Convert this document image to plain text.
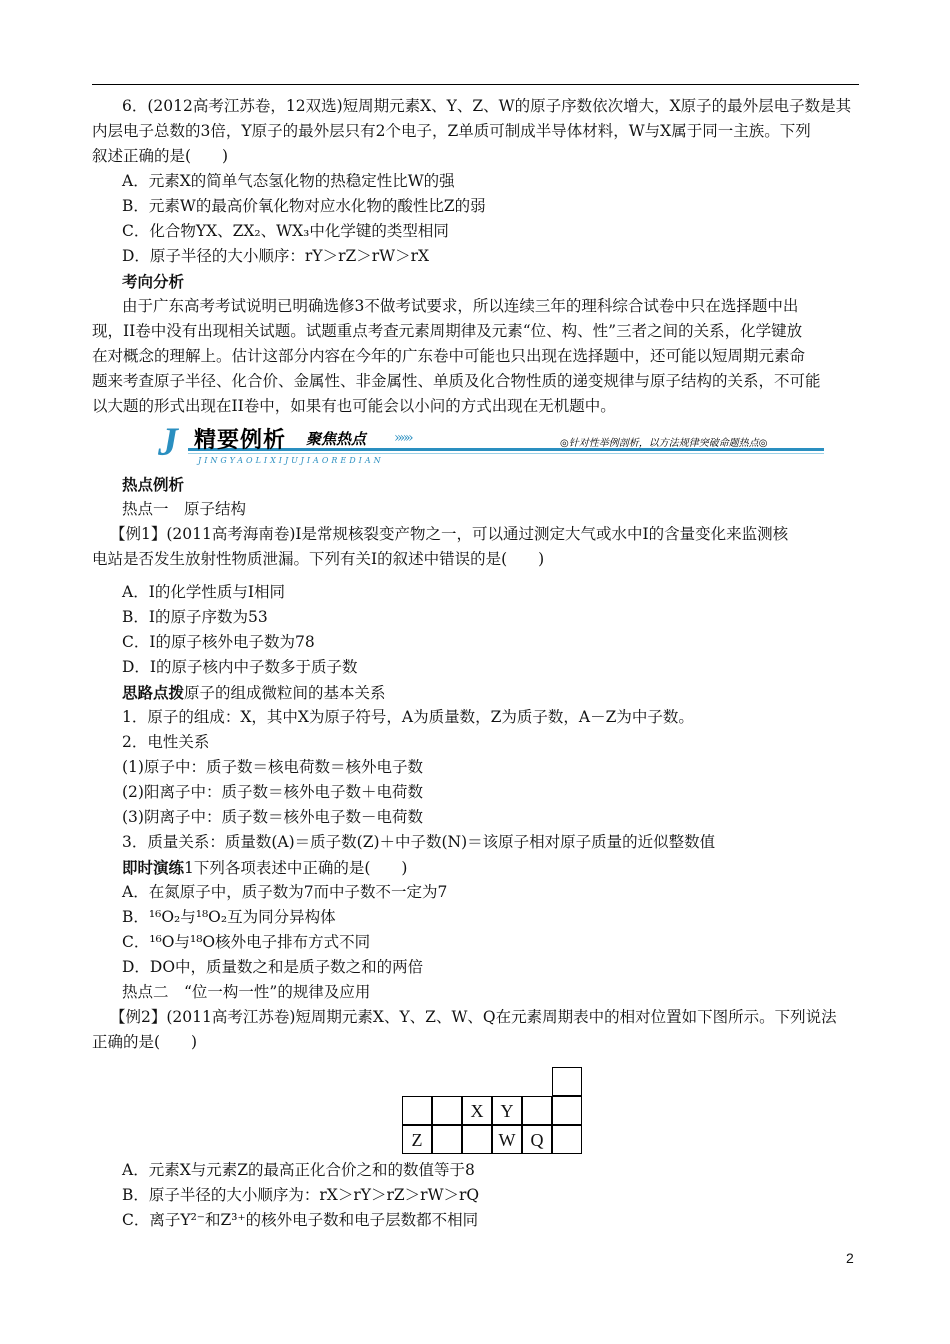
6．(2012高考江苏卷，12双选)短周期元素X、Y、Z、W的原子序数依次增大，X原子的最外层电子数是其
内层电子总数的3倍，Y原子的最外层只有2个电子，Z单质可制成半导体材料，W与X属于同一主族。下列
叙述正确的是(　　)
A．元素X的简单气态氢化物的热稳定性比W的强
B．元素W的最高价氧化物对应水化物的酸性比Z的弱
C．化合物YX、ZX₂、WX₃中化学键的类型相同
D．原子半径的大小顺序：rY＞rZ＞rW＞rX
考向分析
由于广东高考考试说明已明确选修3不做考试要求，所以连续三年的理科综合试卷中只在选择题中出
现，II卷中没有出现相关试题。试题重点考查元素周期律及元素“位、构、性”三者之间的关系，化学键放
在对概念的理解上。估计这部分内容在今年的广东卷中可能也只出现在选择题中，还可能以短周期元素命
题来考查原子半径、化合价、金属性、非金属性、单质及化合物性质的递变规律与原子结构的关系，不可能
以大题的形式出现在II卷中，如果有也可能会以小问的方式出现在无机题中。
J 精要例析 聚焦热点 »»»
JINGYAOLIXIJUJIAOREDIAN
◎针对性举例剖析，以方法规律突破命题热点◎
热点例析
热点一　原子结构
【例1】(2011高考海南卷)I是常规核裂变产物之一，可以通过测定大气或水中I的含量变化来监测核
电站是否发生放射性物质泄漏。下列有关I的叙述中错误的是(　　)
A．I的化学性质与I相同
B．I的原子序数为53
C．I的原子核外电子数为78
D．I的原子核内中子数多于质子数
思路点拨原子的组成微粒间的基本关系
1．原子的组成：X，其中X为原子符号，A为质量数，Z为质子数，A－Z为中子数。
2．电性关系
(1)原子中：质子数＝核电荷数＝核外电子数
(2)阳离子中：质子数＝核外电子数＋电荷数
(3)阴离子中：质子数＝核外电子数－电荷数
3．质量关系：质量数(A)＝质子数(Z)＋中子数(N)＝该原子相对原子质量的近似整数值
即时演练1下列各项表述中正确的是(　　)
A．在氮原子中，质子数为7而中子数不一定为7
B．¹⁶O₂与¹⁸O₂互为同分异构体
C．¹⁶O与¹⁸O核外电子排布方式不同
D．DO中，质量数之和是质子数之和的两倍
热点二　“位一构一性”的规律及应用
【例2】(2011高考江苏卷)短周期元素X、Y、Z、W、Q在元素周期表中的相对位置如下图所示。下列说法
正确的是(　　)
X Y
Z	W Q
A．元素X与元素Z的最高正化合价之和的数值等于8
B．原子半径的大小顺序为：rX＞rY＞rZ＞rW＞rQ
C．离子Y²⁻和Z³⁺的核外电子数和电子层数都不相同
2
